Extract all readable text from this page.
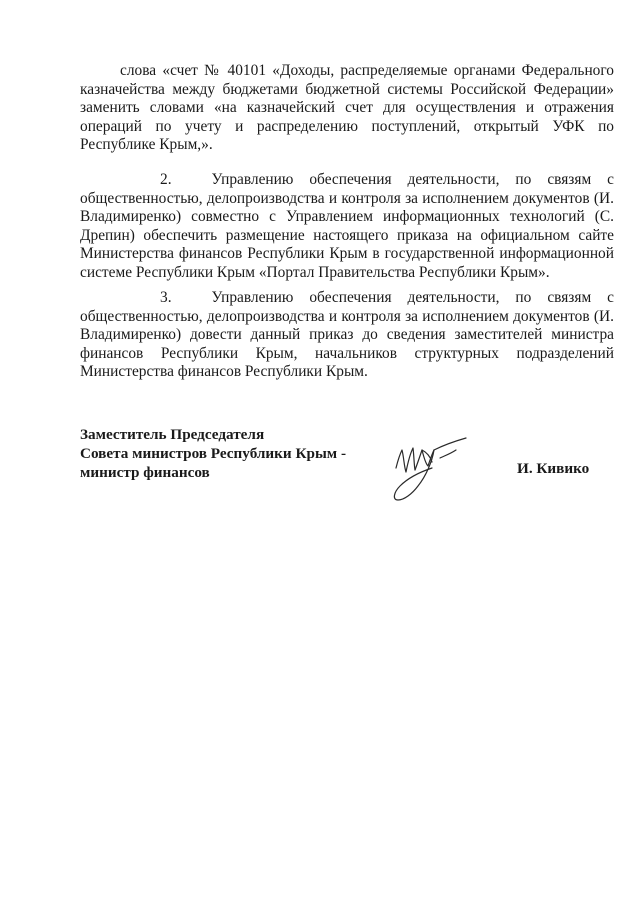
слова «счет № 40101 «Доходы, распределяемые органами Федерального казначейства между бюджетами бюджетной системы Российской Федерации» заменить словами «на казначейский счет для осуществления и отражения операций по учету и распределению поступлений, открытый УФК по Республике Крым,».

2.	Управлению обеспечения деятельности, по связям с общественностью, делопроизводства и контроля за исполнением документов (И. Владимиренко) совместно с Управлением информационных технологий (С. Дрепин) обеспечить размещение настоящего приказа на официальном сайте Министерства финансов Республики Крым в государственной информационной системе Республики Крым «Портал Правительства Республики Крым».

3.	Управлению обеспечения деятельности, по связям с общественностью, делопроизводства и контроля за исполнением документов (И. Владимиренко) довести данный приказ до сведения заместителей министра финансов Республики Крым, начальников структурных подразделений Министерства финансов Республики Крым.

Заместитель Председателя
Совета министров Республики Крым -
министр финансов	И. Кивико
